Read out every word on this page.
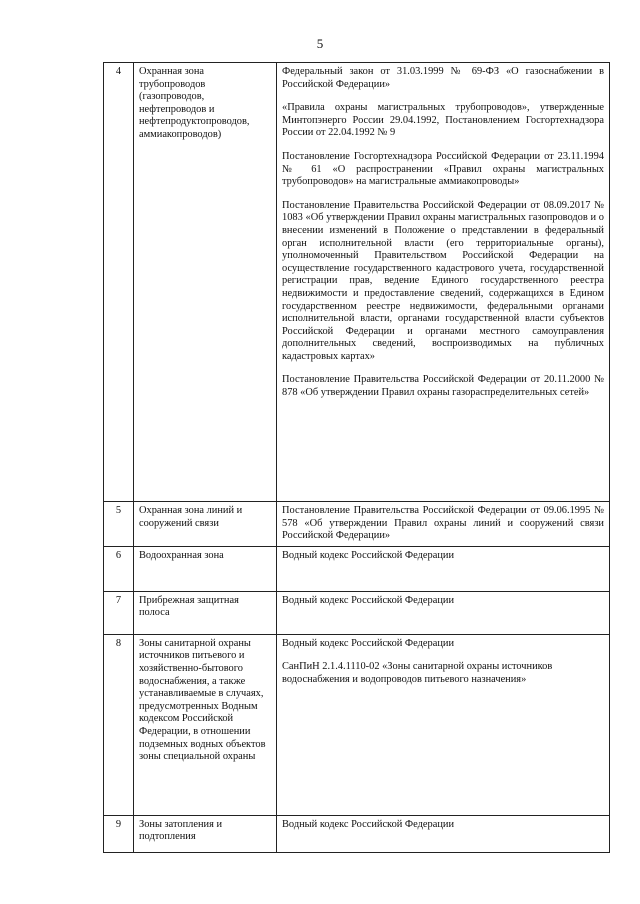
5
4	Охранная зона трубопроводов (газопроводов, нефтепроводов и нефтепродуктопроводов, аммиакопроводов)	Федеральный закон от 31.03.1999 № 69-ФЗ «О газоснабжении в Российской Федерации»

«Правила охраны магистральных трубопроводов», утвержденные Минтопэнерго России 29.04.1992, Постановлением Госгортехнадзора России от 22.04.1992 № 9

Постановление Госгортехнадзора Российской Федерации от 23.11.1994 № 61 «О распространении «Правил охраны магистральных трубопроводов» на магистральные аммиакопроводы»

Постановление Правительства Российской Федерации от 08.09.2017 № 1083 «Об утверждении Правил охраны магистральных газопроводов и о внесении изменений в Положение о представлении в федеральный орган исполнительной власти (его территориальные органы), уполномоченный Правительством Российской Федерации на осуществление государственного кадастрового учета, государственной регистрации прав, ведение Единого государственного реестра недвижимости и предоставление сведений, содержащихся в Едином государственном реестре недвижимости, федеральными органами исполнительной власти, органами государственной власти субъектов Российской Федерации и органами местного самоуправления дополнительных сведений, воспроизводимых на публичных кадастровых картах»

Постановление Правительства Российской Федерации от 20.11.2000 № 878 «Об утверждении Правил охраны газораспределительных сетей»

5	Охранная зона линий и сооружений связи	Постановление Правительства Российской Федерации от 09.06.1995 № 578 «Об утверждении Правил охраны линий и сооружений связи Российской Федерации»

6	Водоохранная зона	Водный кодекс Российской Федерации

7	Прибрежная защитная полоса	Водный кодекс Российской Федерации

8	Зоны санитарной охраны источников питьевого и хозяйственно-бытового водоснабжения, а также устанавливаемые в случаях, предусмотренных Водным кодексом Российской Федерации, в отношении подземных водных объектов зоны специальной охраны	Водный кодекс Российской Федерации

СанПиН 2.1.4.1110-02 «Зоны санитарной охраны источников водоснабжения и водопроводов питьевого назначения»

9	Зоны затопления и подтопления	Водный кодекс Российской Федерации
